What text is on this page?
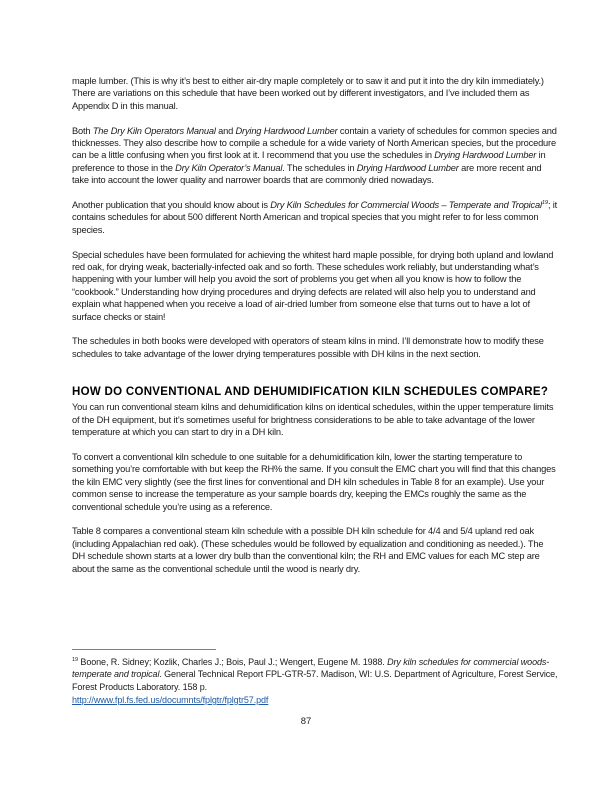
maple lumber. (This is why it’s best to either air-dry maple completely or to saw it and put it into the dry kiln immediately.) There are variations on this schedule that have been worked out by different investigators, and I’ve included them as Appendix D in this manual.

Both The Dry Kiln Operators Manual and Drying Hardwood Lumber contain a variety of schedules for common species and thicknesses. They also describe how to compile a schedule for a wide variety of North American species, but the procedure can be a little confusing when you first look at it. I recommend that you use the schedules in Drying Hardwood Lumber in preference to those in the Dry Kiln Operator’s Manual. The schedules in Drying Hardwood Lumber are more recent and take into account the lower quality and narrower boards that are commonly dried nowadays.

Another publication that you should know about is Dry Kiln Schedules for Commercial Woods – Temperate and Tropical$^{19}$; it contains schedules for about 500 different North American and tropical species that you might refer to for less common species.

Special schedules have been formulated for achieving the whitest hard maple possible, for drying both upland and lowland red oak, for drying weak, bacterially-infected oak and so forth. These schedules work reliably, but understanding what’s happening with your lumber will help you avoid the sort of problems you get when all you know is how to follow the “cookbook.” Understanding how drying procedures and drying defects are related will also help you to understand and explain what happened when you receive a load of air-dried lumber from someone else that turns out to have a lot of surface checks or stain!

The schedules in both books were developed with operators of steam kilns in mind. I’ll demonstrate how to modify these schedules to take advantage of the lower drying temperatures possible with DH kilns in the next section.

HOW DO CONVENTIONAL AND DEHUMIDIFICATION KILN SCHEDULES COMPARE?

You can run conventional steam kilns and dehumidification kilns on identical schedules, within the upper temperature limits of the DH equipment, but it’s sometimes useful for brightness considerations to be able to take advantage of the lower temperature at which you can start to dry in a DH kiln.

To convert a conventional kiln schedule to one suitable for a dehumidification kiln, lower the starting temperature to something you’re comfortable with but keep the RH% the same. If you consult the EMC chart you will find that this changes the kiln EMC very slightly (see the first lines for conventional and DH kiln schedules in Table 8 for an example). Use your common sense to increase the temperature as your sample boards dry, keeping the EMCs roughly the same as the conventional schedule you’re using as a reference.

Table 8 compares a conventional steam kiln schedule with a possible DH kiln schedule for 4/4 and 5/4 upland red oak (including Appalachian red oak). (These schedules would be followed by equalization and conditioning as needed.). The DH schedule shown starts at a lower dry bulb than the conventional kiln; the RH and EMC values for each MC step are about the same as the conventional schedule until the wood is nearly dry.

$^{19}$ Boone, R. Sidney; Kozlik, Charles J.; Bois, Paul J.; Wengert, Eugene M. 1988. Dry kiln schedules for commercial woods-temperate and tropical. General Technical Report FPL-GTR-57. Madison, WI: U.S. Department of Agriculture, Forest Service, Forest Products Laboratory. 158 p.

http://www.fpl.fs.fed.us/documnts/fplgtr/fplgtr57.pdf
87
